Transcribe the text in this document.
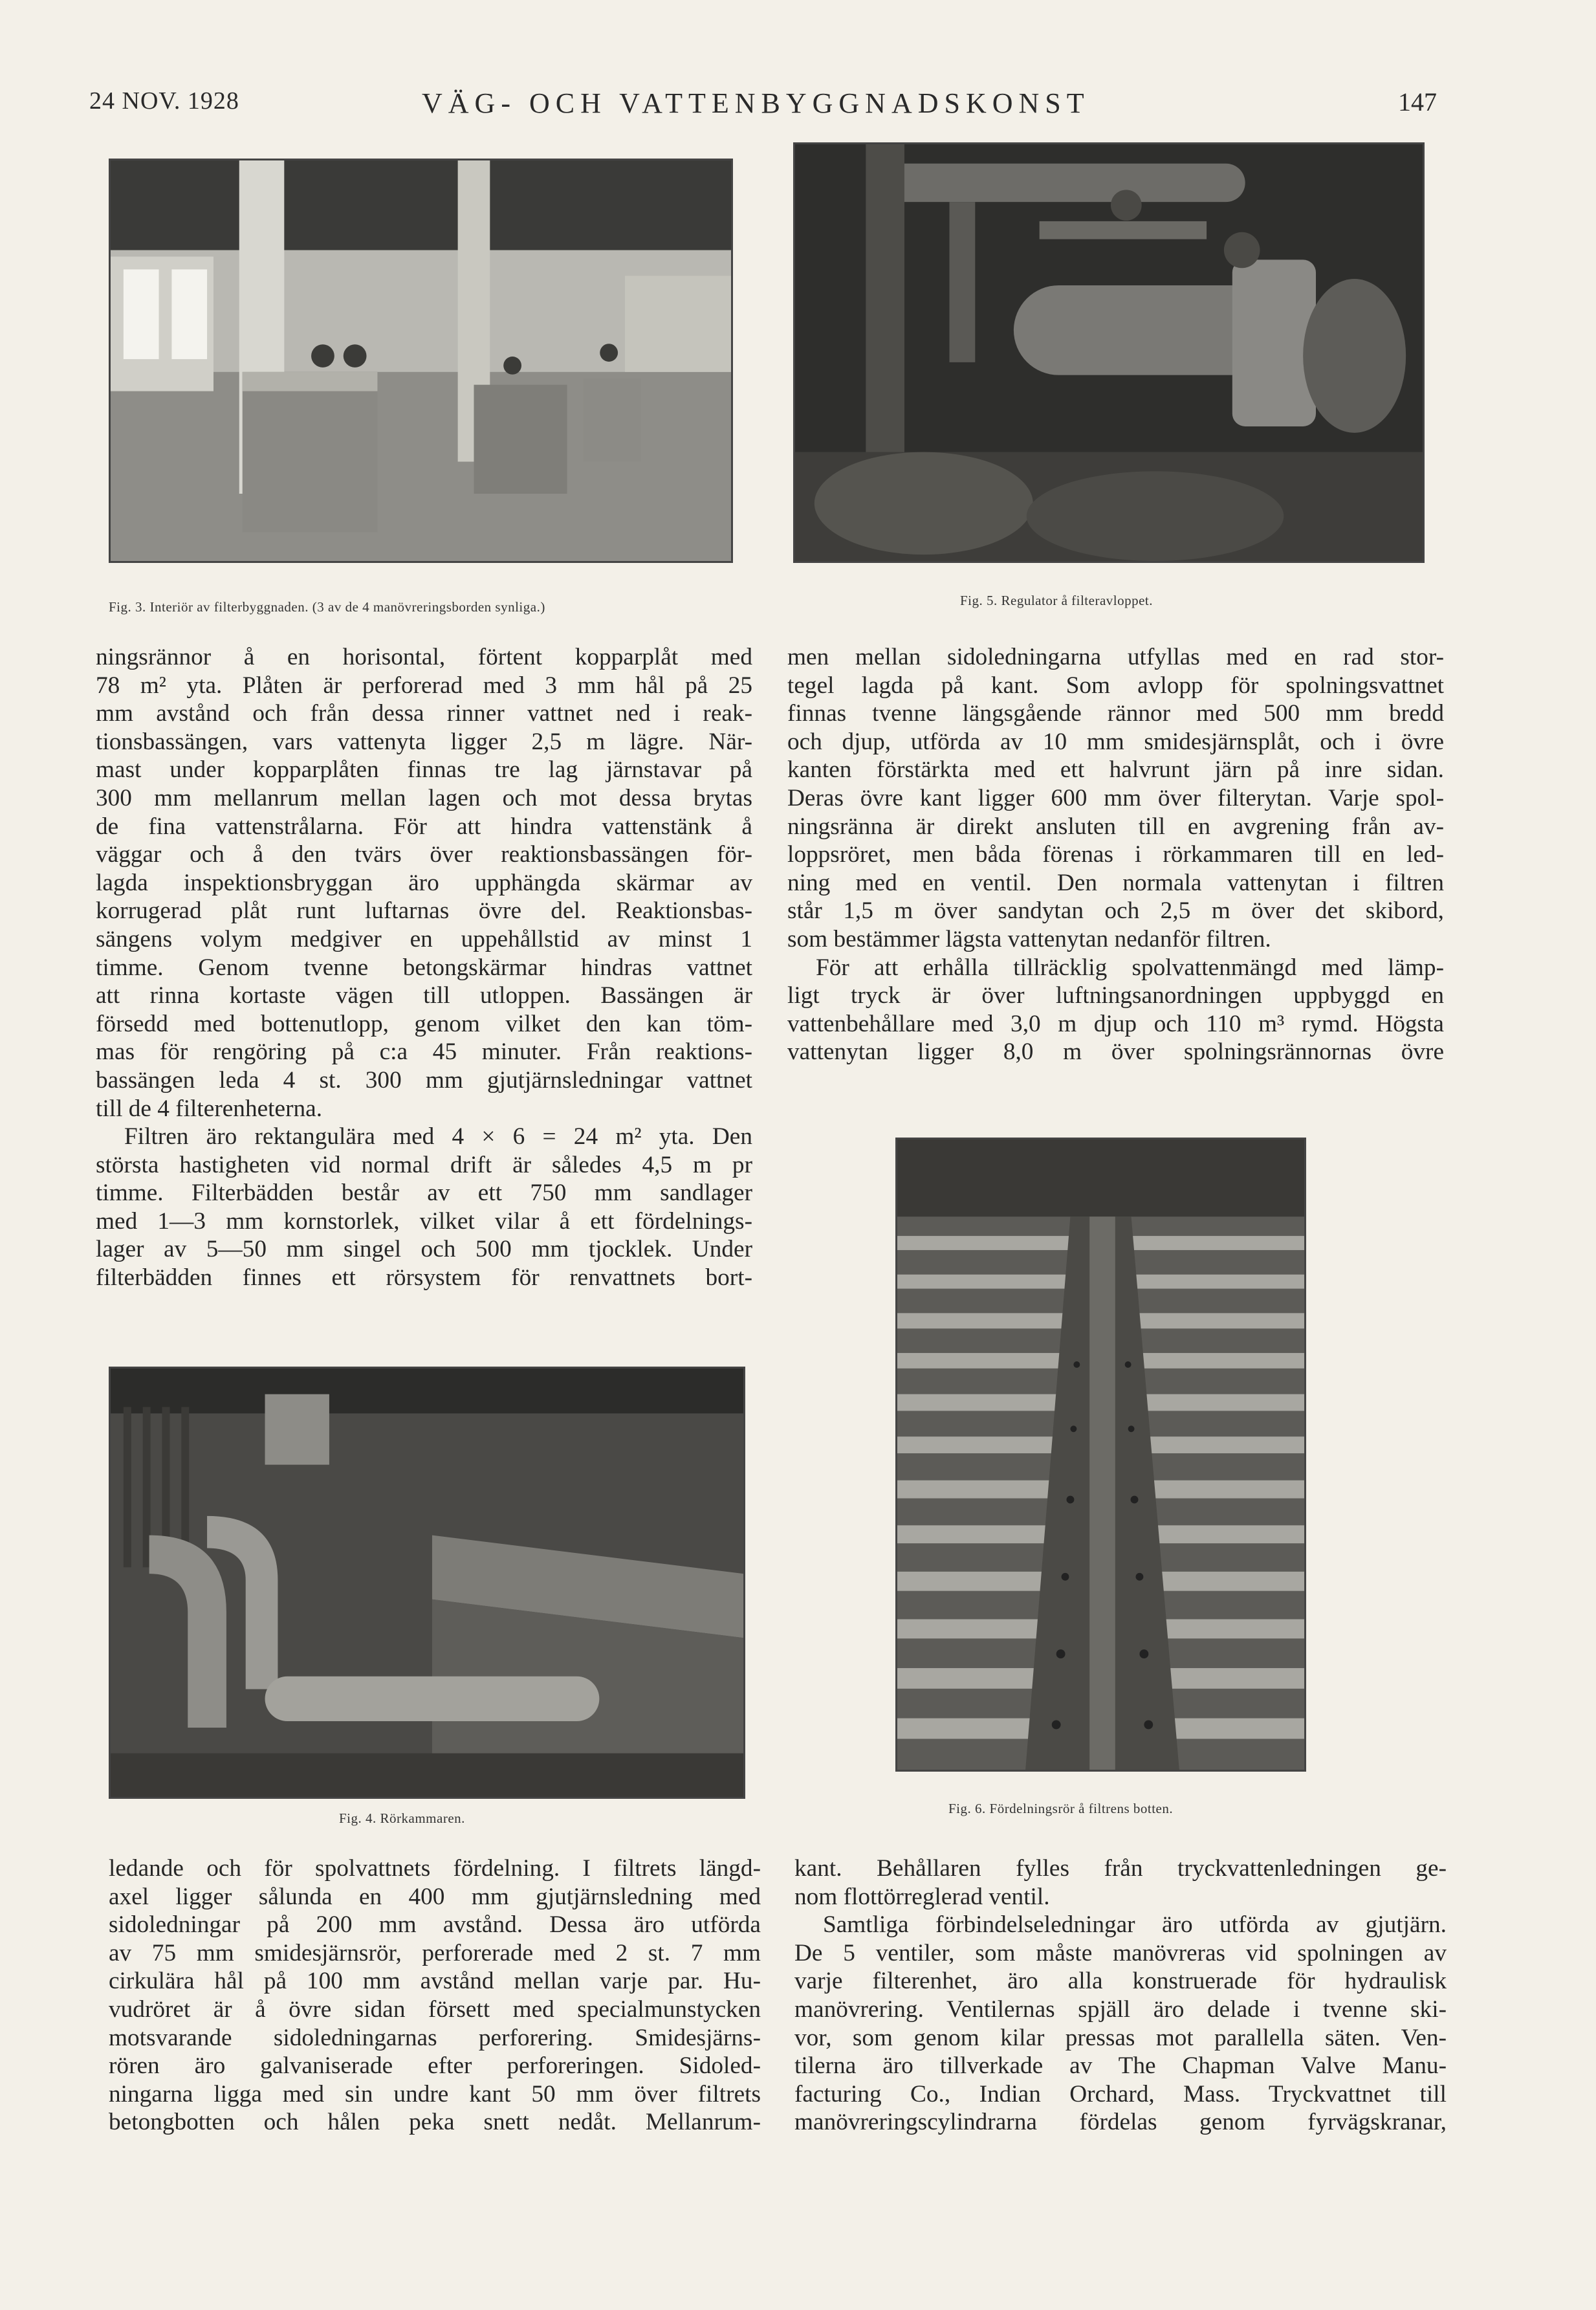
24 NOV. 1928	VÄG- OCH VATTENBYGGNADSKONST	147
Fig. 3. Interiör av filterbyggnaden. (3 av de 4 manövreringsborden synliga.)	Fig. 5. Regulator å filteravloppet.

ningsrännor å en horisontal, förtent kopparplåt med

78 m² yta. Plåten är perforerad med 3 mm hål på 25

mm avstånd och från dessa rinner vattnet ned i reak-

tionsbassängen, vars vattenyta ligger 2,5 m lägre. När-

mast under kopparplåten finnas tre lag järnstavar på

300 mm mellanrum mellan lagen och mot dessa brytas

de fina vattenstrålarna. För att hindra vattenstänk å

väggar och å den tvärs över reaktionsbassängen för-

lagda inspektionsbryggan äro upphängda skärmar av

korrugerad plåt runt luftarnas övre del. Reaktionsbas-

sängens volym medgiver en uppehållstid av minst 1

timme. Genom tvenne betongskärmar hindras vattnet

att rinna kortaste vägen till utloppen. Bassängen är

försedd med bottenutlopp, genom vilket den kan töm-

mas för rengöring på c:a 45 minuter. Från reaktions-

bassängen leda 4 st. 300 mm gjutjärnsledningar vattnet

till de 4 filterenheterna.

Filtren äro rektangulära med 4 × 6 = 24 m² yta. Den

största hastigheten vid normal drift är således 4,5 m pr

timme. Filterbädden består av ett 750 mm sandlager

med 1—3 mm kornstorlek, vilket vilar å ett fördelnings-

lager av 5—50 mm singel och 500 mm tjocklek. Under

filterbädden finnes ett rörsystem för renvattnets bort-

men mellan sidoledningarna utfyllas med en rad stor-

tegel lagda på kant. Som avlopp för spolningsvattnet

finnas tvenne längsgående rännor med 500 mm bredd

och djup, utförda av 10 mm smidesjärnsplåt, och i övre

kanten förstärkta med ett halvrunt järn på inre sidan.

Deras övre kant ligger 600 mm över filterytan. Varje spol-

ningsränna är direkt ansluten till en avgrening från av-

loppsröret, men båda förenas i rörkammaren till en led-

ning med en ventil. Den normala vattenytan i filtren

står 1,5 m över sandytan och 2,5 m över det skibord,

som bestämmer lägsta vattenytan nedanför filtren.

För att erhålla tillräcklig spolvattenmängd med lämp-

ligt tryck är över luftningsanordningen uppbyggd en

vattenbehållare med 3,0 m djup och 110 m³ rymd. Högsta

vattenytan ligger 8,0 m över spolningsrännornas övre

Fig. 6. Fördelningsrör å filtrens botten.
Fig. 4. Rörkammaren.

ledande och för spolvattnets fördelning. I filtrets längd-

axel ligger sålunda en 400 mm gjutjärnsledning med

sidoledningar på 200 mm avstånd. Dessa äro utförda

av 75 mm smidesjärnsrör, perforerade med 2 st. 7 mm

cirkulära hål på 100 mm avstånd mellan varje par. Hu-

vudröret är å övre sidan försett med specialmunstycken

motsvarande sidoledningarnas perforering. Smidesjärns-

rören äro galvaniserade efter perforeringen. Sidoled-

ningarna ligga med sin undre kant 50 mm över filtrets

betongbotten och hålen peka snett nedåt. Mellanrum-

kant. Behållaren fylles från tryckvattenledningen ge-

nom flottörreglerad ventil.

Samtliga förbindelseledningar äro utförda av gjutjärn.

De 5 ventiler, som måste manövreras vid spolningen av

varje filterenhet, äro alla konstruerade för hydraulisk

manövrering. Ventilernas spjäll äro delade i tvenne ski-

vor, som genom kilar pressas mot parallella säten. Ven-

tilerna äro tillverkade av The Chapman Valve Manu-

facturing Co., Indian Orchard, Mass. Tryckvattnet till

manövreringscylindrarna fördelas genom fyrvägskranar,
